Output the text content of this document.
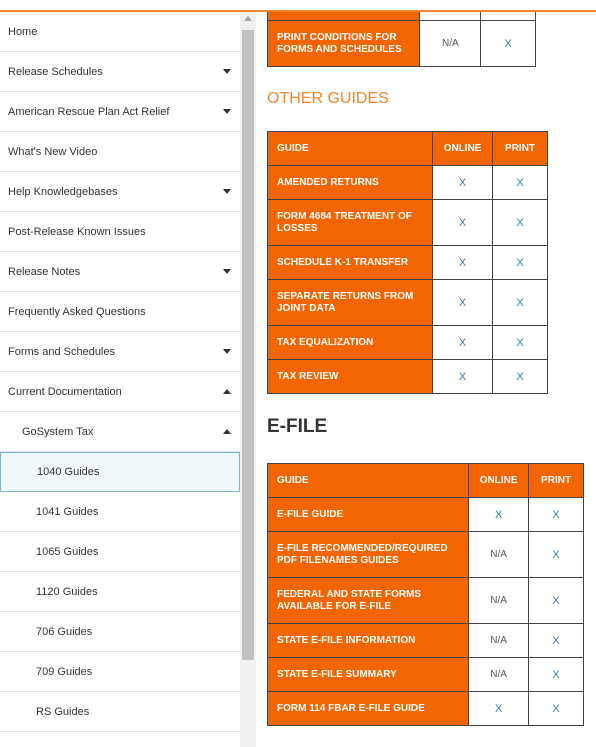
Home
Release Schedules
American Rescue Plan Act Relief
What's New Video
Help Knowledgebases
Post-Release Known Issues
Release Notes
Frequently Asked Questions
Forms and Schedules
Current Documentation
GoSystem Tax
1040 Guides
1041 Guides
1065 Guides
1120 Guides
706 Guides
709 Guides
RS Guides

PRINT CONDITIONS FOR FORMS AND SCHEDULES	N/A	X
OTHER GUIDES
GUIDE	ONLINE	PRINT
AMENDED RETURNS	X	X
FORM 4684 TREATMENT OF LOSSES	X	X
SCHEDULE K-1 TRANSFER	X	X
SEPARATE RETURNS FROM JOINT DATA	X	X
TAX EQUALIZATION	X	X
TAX REVIEW	X	X
E-FILE
GUIDE	ONLINE	PRINT
E-FILE GUIDE	X	X
E-FILE RECOMMENDED/REQUIRED PDF FILENAMES GUIDES	N/A	X
FEDERAL AND STATE FORMS AVAILABLE FOR E-FILE	N/A	X
STATE E-FILE INFORMATION	N/A	X
STATE E-FILE SUMMARY	N/A	X
FORM 114 FBAR E-FILE GUIDE	X	X
